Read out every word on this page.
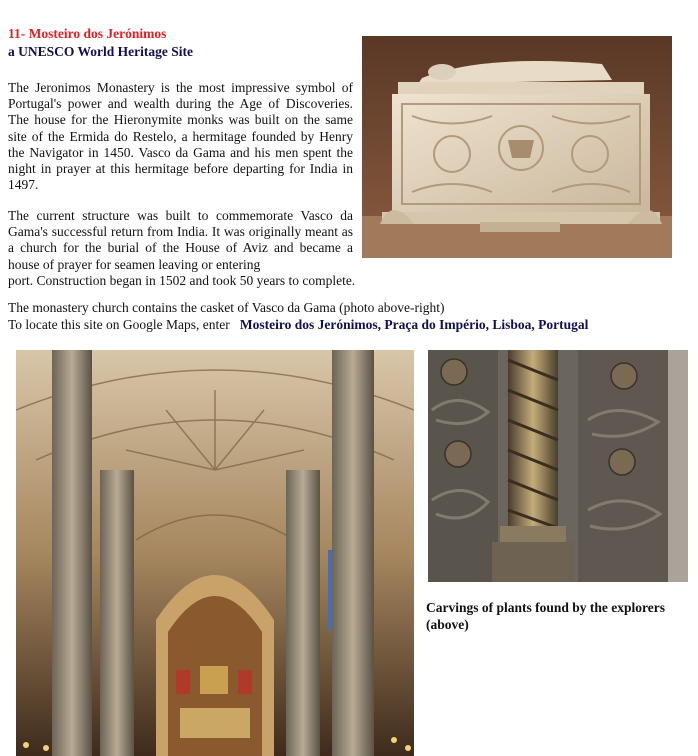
11- Mosteiro dos Jerónimos
a UNESCO World Heritage Site
The Jeronimos Monastery is the most impressive symbol of Portugal's power and wealth during the Age of Discoveries. The house for the Hieronymite monks was built on the same site of the Ermida do Restelo, a hermitage founded by Henry the Navigator in 1450. Vasco da Gama and his men spent the night in prayer at this hermitage before departing for India in 1497.
The current structure was built to commemorate Vasco da Gama's successful return from India. It was originally meant as a church for the burial of the House of Aviz and became a house of prayer for seamen leaving or entering
port. Construction began in 1502 and took 50 years to complete.
The monastery church contains the casket of Vasco da Gama (photo above-right)
To locate this site on Google Maps, enter Mosteiro dos Jerónimos, Praça do Império, Lisboa, Portugal
Carvings of plants found by the explorers (above)
